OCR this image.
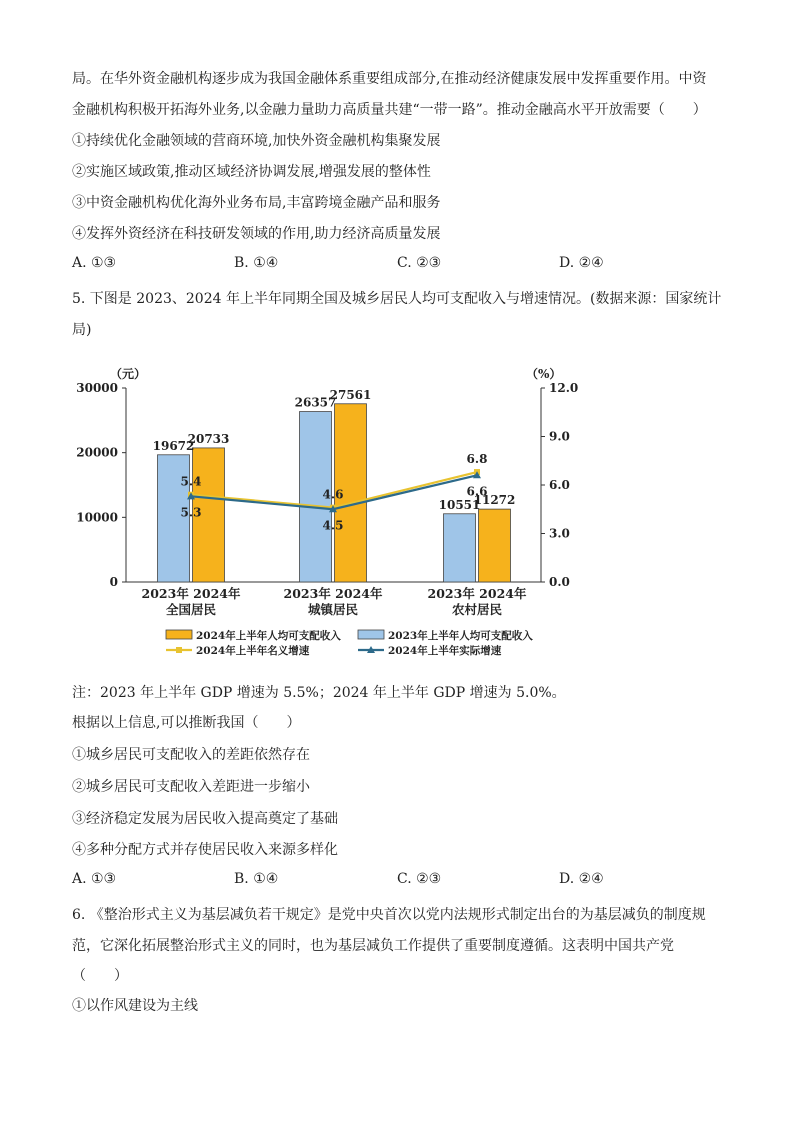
局。在华外资金融机构逐步成为我国金融体系重要组成部分,在推动经济健康发展中发挥重要作用。中资
金融机构积极开拓海外业务,以金融力量助力高质量共建“一带一路”。推动金融高水平开放需要（　　）
①持续优化金融领域的营商环境,加快外资金融机构集聚发展
②实施区域政策,推动区域经济协调发展,增强发展的整体性
③中资金融机构优化海外业务布局,丰富跨境金融产品和服务
④发挥外资经济在科技研发领域的作用,助力经济高质量发展
A. ①③	B. ①④	C. ②③	D. ②④
5. 下图是 2023、2024 年上半年同期全国及城乡居民人均可支配收入与增速情况。(数据来源：国家统计
局)
（元）	（%）
0
10000
20000
30000
0.0
3.0
6.0
9.0
12.0
19672
26357
10551
20733
27561
11272
5.4
4.6
6.8
5.3
4.5
6.6
2023年 2024年
全国居民
2023年 2024年
城镇居民
2023年 2024年
农村居民
2024年上半年人均可支配收入	2023年上半年人均可支配收入
2024年上半年名义增速	2024年上半年实际增速
注：2023 年上半年 GDP 增速为 5.5%；2024 年上半年 GDP 增速为 5.0%。
根据以上信息,可以推断我国（　　）
①城乡居民可支配收入的差距依然存在
②城乡居民可支配收入差距进一步缩小
③经济稳定发展为居民收入提高奠定了基础
④多种分配方式并存使居民收入来源多样化
A. ①③	B. ①④	C. ②③	D. ②④
6. 《整治形式主义为基层减负若干规定》是党中央首次以党内法规形式制定出台的为基层减负的制度规
范，它深化拓展整治形式主义的同时，也为基层减负工作提供了重要制度遵循。这表明中国共产党
（　　）
①以作风建设为主线
